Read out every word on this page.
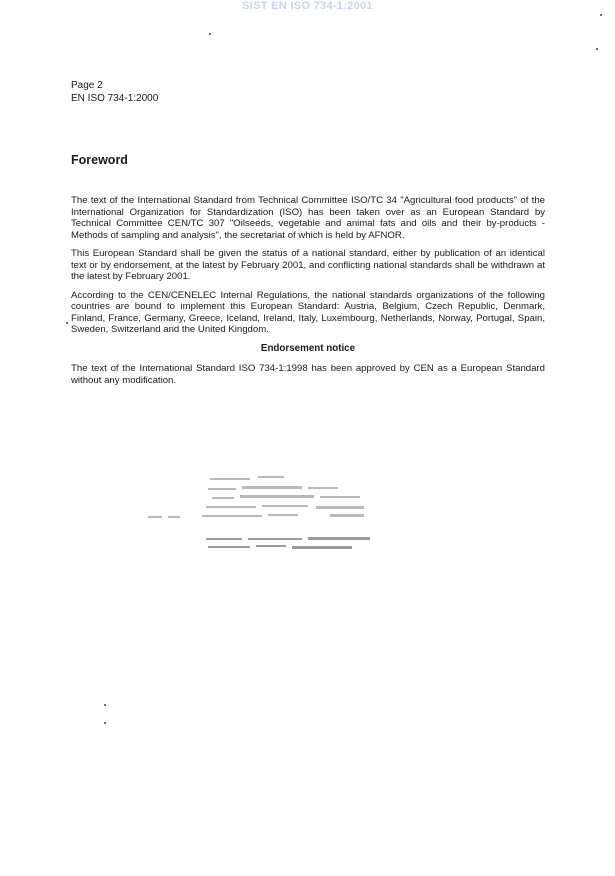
SIST EN ISO 734-1:2001
Page 2
EN ISO 734-1:2000
Foreword

The text of the International Standard from Technical Committee ISO/TC 34 "Agricultural food products" of the International Organization for Standardization (ISO) has been taken over as an European Standard by Technical Committee CEN/TC 307 "Oilseeds, vegetable and animal fats and oils and their by-products - Methods of sampling and analysis", the secretariat of which is held by AFNOR.

This European Standard shall be given the status of a national standard, either by publication of an identical text or by endorsement, at the latest by February 2001, and conflicting national standards shall be withdrawn at the latest by February 2001.

According to the CEN/CENELEC Internal Regulations, the national standards organizations of the following countries are bound to implement this European Standard: Austria, Belgium, Czech Republic, Denmark, Finland, France, Germany, Greece, Iceland, Ireland, Italy, Luxembourg, Netherlands, Norway, Portugal, Spain, Sweden, Switzerland and the United Kingdom.

Endorsement notice

The text of the International Standard ISO 734-1:1998 has been approved by CEN as a European Standard without any modification.
